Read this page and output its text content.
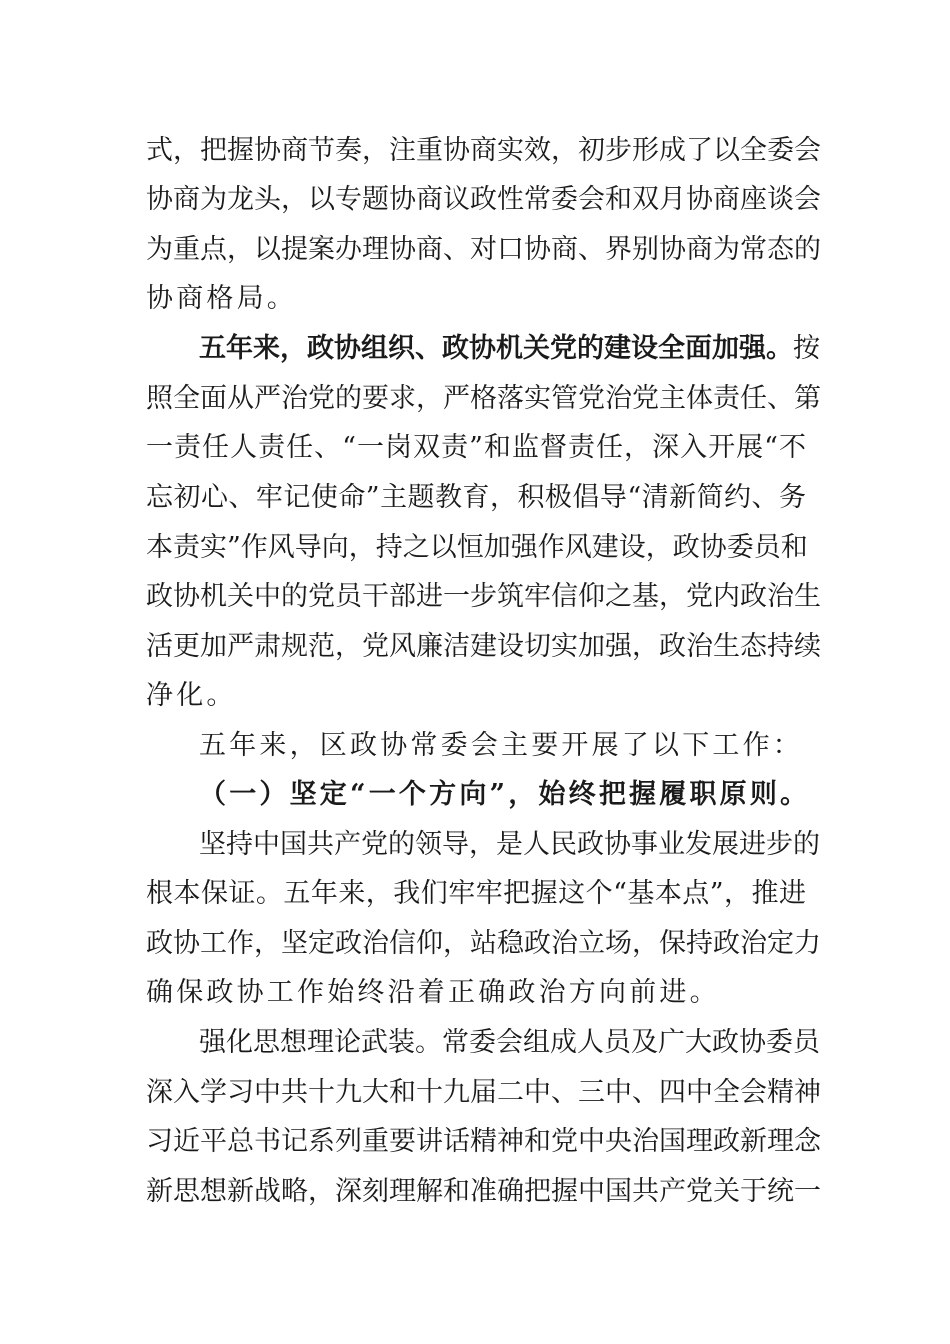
式，把握协商节奏，注重协商实效，初步形成了以全委会
协商为龙头，以专题协商议政性常委会和双月协商座谈会
为重点，以提案办理协商、对口协商、界别协商为常态的
协商格局。
五年来，政协组织、政协机关党的建设全面加强。按
照全面从严治党的要求，严格落实管党治党主体责任、第
一责任人责任、“一岗双责”和监督责任，深入开展“不
忘初心、牢记使命”主题教育，积极倡导“清新简约、务
本责实”作风导向，持之以恒加强作风建设，政协委员和
政协机关中的党员干部进一步筑牢信仰之基，党内政治生
活更加严肃规范，党风廉洁建设切实加强，政治生态持续
净化。
五年来，区政协常委会主要开展了以下工作：
（一）坚定“一个方向”，始终把握履职原则。
坚持中国共产党的领导，是人民政协事业发展进步的
根本保证。五年来，我们牢牢把握这个“基本点”，推进
政协工作，坚定政治信仰，站稳政治立场，保持政治定力
确保政协工作始终沿着正确政治方向前进。
强化思想理论武装。常委会组成人员及广大政协委员
深入学习中共十九大和十九届二中、三中、四中全会精神
习近平总书记系列重要讲话精神和党中央治国理政新理念
新思想新战略，深刻理解和准确把握中国共产党关于统一
